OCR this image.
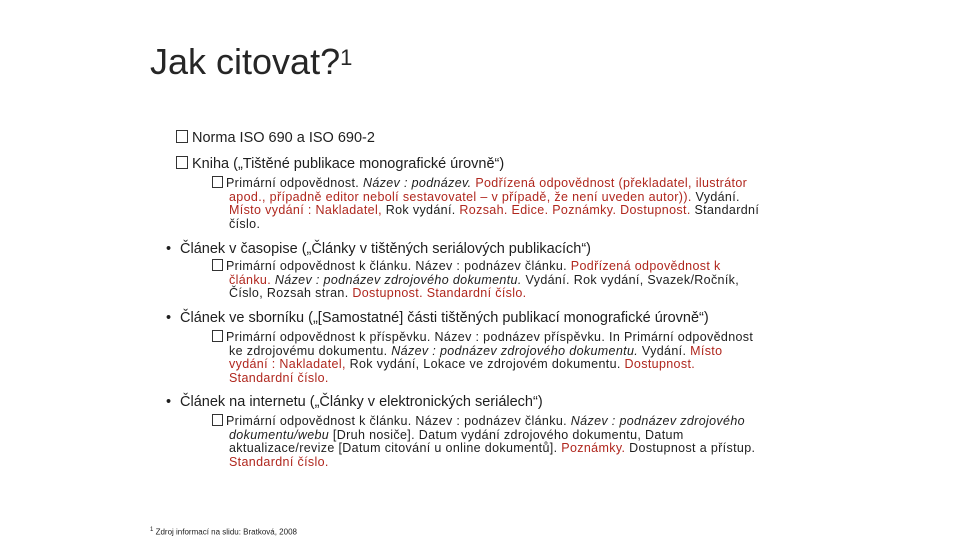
Jak citovat?$^1$
Norma ISO 690 a ISO 690-2
Kniha („Tištěné publikace monografické úrovně“)
Primární odpovědnost. Název : podnázev. Podřízená odpovědnost (překladatel, ilustrátor
apod., případně editor nebolí sestavovatel – v případě, že není uveden autor)). Vydání.
Místo vydání : Nakladatel, Rok vydání. Rozsah. Edice. Poznámky. Dostupnost. Standardní
číslo.
• Článek v časopise („Články v tištěných seriálových publikacích“)
Primární odpovědnost k článku. Název : podnázev článku. Podřízená odpovědnost k
článku. Název : podnázev zdrojového dokumentu. Vydání. Rok vydání, Svazek/Ročník,
Číslo, Rozsah stran. Dostupnost. Standardní číslo.
• Článek ve sborníku („[Samostatné] části tištěných publikací monografické úrovně“)
Primární odpovědnost k příspěvku. Název : podnázev příspěvku. In Primární odpovědnost
ke zdrojovému dokumentu. Název : podnázev zdrojového dokumentu. Vydání. Místo
vydání : Nakladatel, Rok vydání, Lokace ve zdrojovém dokumentu. Dostupnost.
Standardní číslo.
• Článek na internetu („Články v elektronických seriálech“)
Primární odpovědnost k článku. Název : podnázev článku. Název : podnázev zdrojového
dokumentu/webu [Druh nosiče]. Datum vydání zdrojového dokumentu, Datum
aktualizace/revize [Datum citování u online dokumentů]. Poznámky. Dostupnost a přístup.
Standardní číslo.
$^1$ Zdroj informací na slidu: Bratková, 2008
